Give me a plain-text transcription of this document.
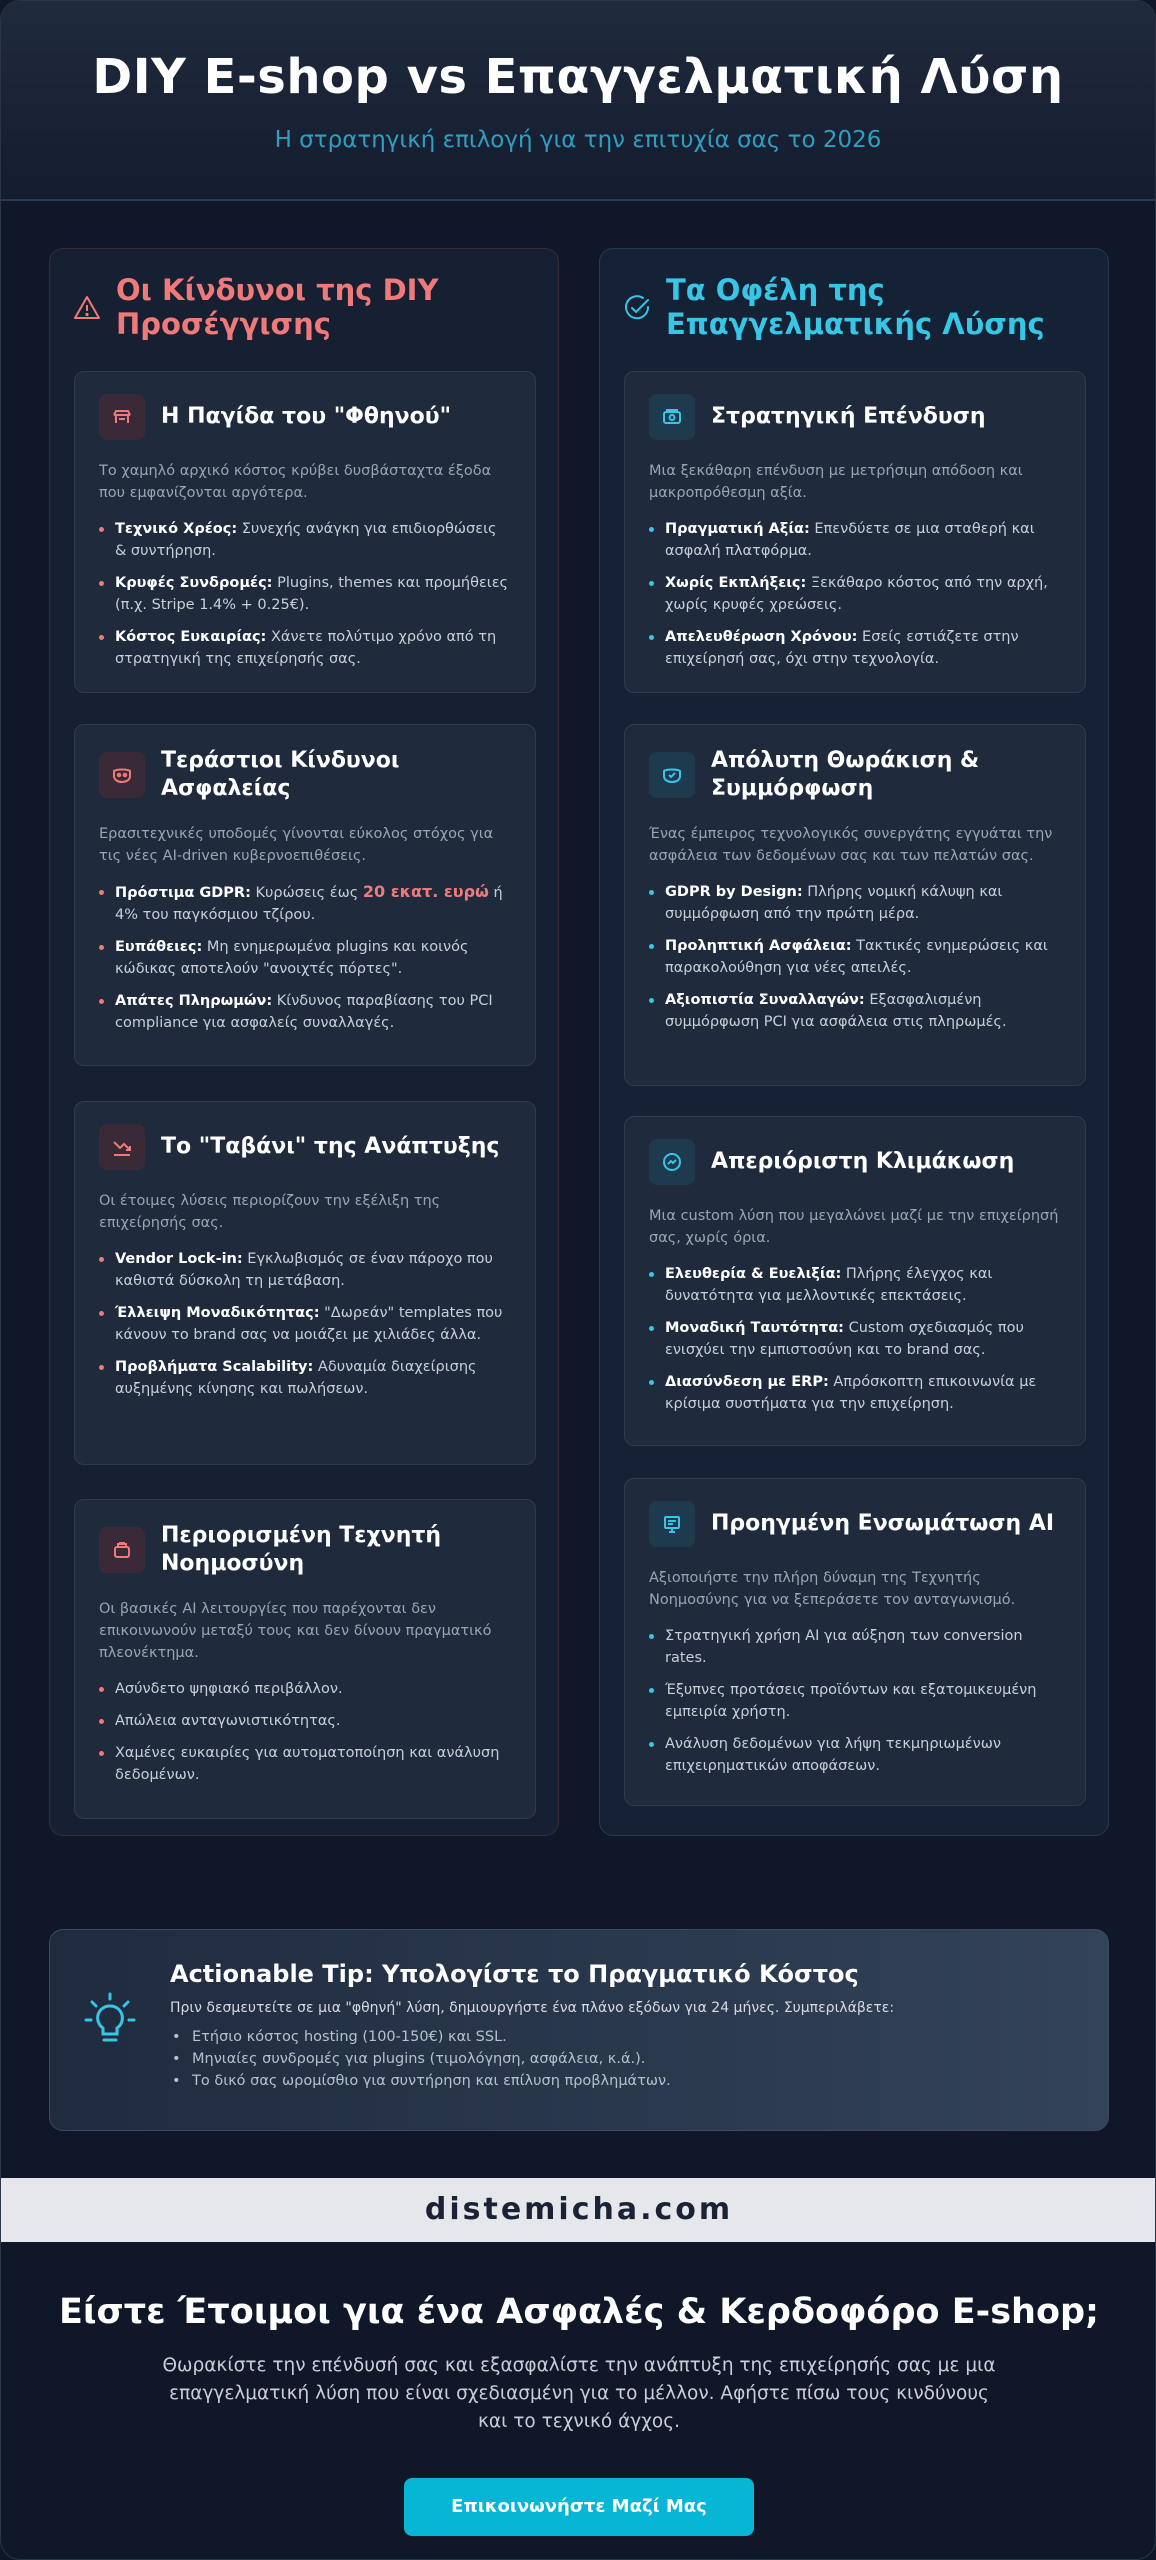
DIY E-shop vs Επαγγελματική Λύση

Η στρατηγική επιλογή για την επιτυχία σας το 2026

Οι Κίνδυνοι της DIY
Προσέγγισης
Η Παγίδα του "Φθηνού"

Το χαμηλό αρχικό κόστος κρύβει δυσβάσταχτα έξοδα που εμφανίζονται αργότερα.

Τεχνικό Χρέος: Συνεχής ανάγκη για επιδιορθώσεις & συντήρηση.
Κρυφές Συνδρομές: Plugins, themes και προμήθειες (π.χ. Stripe 1.4% + 0.25€).
Κόστος Ευκαιρίας: Χάνετε πολύτιμο χρόνο από τη στρατηγική της επιχείρησής σας.
Τεράστιοι Κίνδυνοι Ασφαλείας

Ερασιτεχνικές υποδομές γίνονται εύκολος στόχος για τις νέες AI-driven κυβερνοεπιθέσεις.

Πρόστιμα GDPR: Κυρώσεις έως 20 εκατ. ευρώ ή 4% του παγκόσμιου τζίρου.
Ευπάθειες: Μη ενημερωμένα plugins και κοινός κώδικας αποτελούν "ανοιχτές πόρτες".
Απάτες Πληρωμών: Κίνδυνος παραβίασης του PCI compliance για ασφαλείς συναλλαγές.
Το "Ταβάνι" της Ανάπτυξης

Οι έτοιμες λύσεις περιορίζουν την εξέλιξη της επιχείρησής σας.

Vendor Lock-in: Εγκλωβισμός σε έναν πάροχο που καθιστά δύσκολη τη μετάβαση.
Έλλειψη Μοναδικότητας: "Δωρεάν" templates που κάνουν το brand σας να μοιάζει με χιλιάδες άλλα.
Προβλήματα Scalability: Αδυναμία διαχείρισης αυξημένης κίνησης και πωλήσεων.
Περιορισμένη Τεχνητή Νοημοσύνη

Οι βασικές AI λειτουργίες που παρέχονται δεν επικοινωνούν μεταξύ τους και δεν δίνουν πραγματικό πλεονέκτημα.

Ασύνδετο ψηφιακό περιβάλλον.
Απώλεια ανταγωνιστικότητας.
Χαμένες ευκαιρίες για αυτοματοποίηση και ανάλυση δεδομένων.
Τα Οφέλη της
Επαγγελματικής Λύσης
Στρατηγική Επένδυση

Μια ξεκάθαρη επένδυση με μετρήσιμη απόδοση και μακροπρόθεσμη αξία.

Πραγματική Αξία: Επενδύετε σε μια σταθερή και ασφαλή πλατφόρμα.
Χωρίς Εκπλήξεις: Ξεκάθαρο κόστος από την αρχή, χωρίς κρυφές χρεώσεις.
Απελευθέρωση Χρόνου: Εσείς εστιάζετε στην επιχείρησή σας, όχι στην τεχνολογία.
Απόλυτη Θωράκιση & Συμμόρφωση

Ένας έμπειρος τεχνολογικός συνεργάτης εγγυάται την ασφάλεια των δεδομένων σας και των πελατών σας.

GDPR by Design: Πλήρης νομική κάλυψη και συμμόρφωση από την πρώτη μέρα.
Προληπτική Ασφάλεια: Τακτικές ενημερώσεις και παρακολούθηση για νέες απειλές.
Αξιοπιστία Συναλλαγών: Εξασφαλισμένη συμμόρφωση PCI για ασφάλεια στις πληρωμές.
Απεριόριστη Κλιμάκωση

Μια custom λύση που μεγαλώνει μαζί με την επιχείρησή σας, χωρίς όρια.

Ελευθερία & Ευελιξία: Πλήρης έλεγχος και δυνατότητα για μελλοντικές επεκτάσεις.
Μοναδική Ταυτότητα: Custom σχεδιασμός που ενισχύει την εμπιστοσύνη και το brand σας.
Διασύνδεση με ERP: Απρόσκοπτη επικοινωνία με κρίσιμα συστήματα για την επιχείρηση.
Προηγμένη Ενσωμάτωση AI

Αξιοποιήστε την πλήρη δύναμη της Τεχνητής Νοημοσύνης για να ξεπεράσετε τον ανταγωνισμό.

Στρατηγική χρήση AI για αύξηση των conversion rates.
Έξυπνες προτάσεις προϊόντων και εξατομικευμένη εμπειρία χρήστη.
Ανάλυση δεδομένων για λήψη τεκμηριωμένων επιχειρηματικών αποφάσεων.
Actionable Tip: Υπολογίστε το Πραγματικό Κόστος

Πριν δεσμευτείτε σε μια "φθηνή" λύση, δημιουργήστε ένα πλάνο εξόδων για 24 μήνες. Συμπεριλάβετε:

• Ετήσιο κόστος hosting (100-150€) και SSL.
• Μηνιαίες συνδρομές για plugins (τιμολόγηση, ασφάλεια, κ.ά.).
• Το δικό σας ωρομίσθιο για συντήρηση και επίλυση προβλημάτων.
distemicha.com
Είστε Έτοιμοι για ένα Ασφαλές & Κερδοφόρο E-shop;

Θωρακίστε την επένδυσή σας και εξασφαλίστε την ανάπτυξη της επιχείρησής σας με μια επαγγελματική λύση που είναι σχεδιασμένη για το μέλλον. Αφήστε πίσω τους κινδύνους και το τεχνικό άγχος.

Επικοινωνήστε Μαζί Μας
